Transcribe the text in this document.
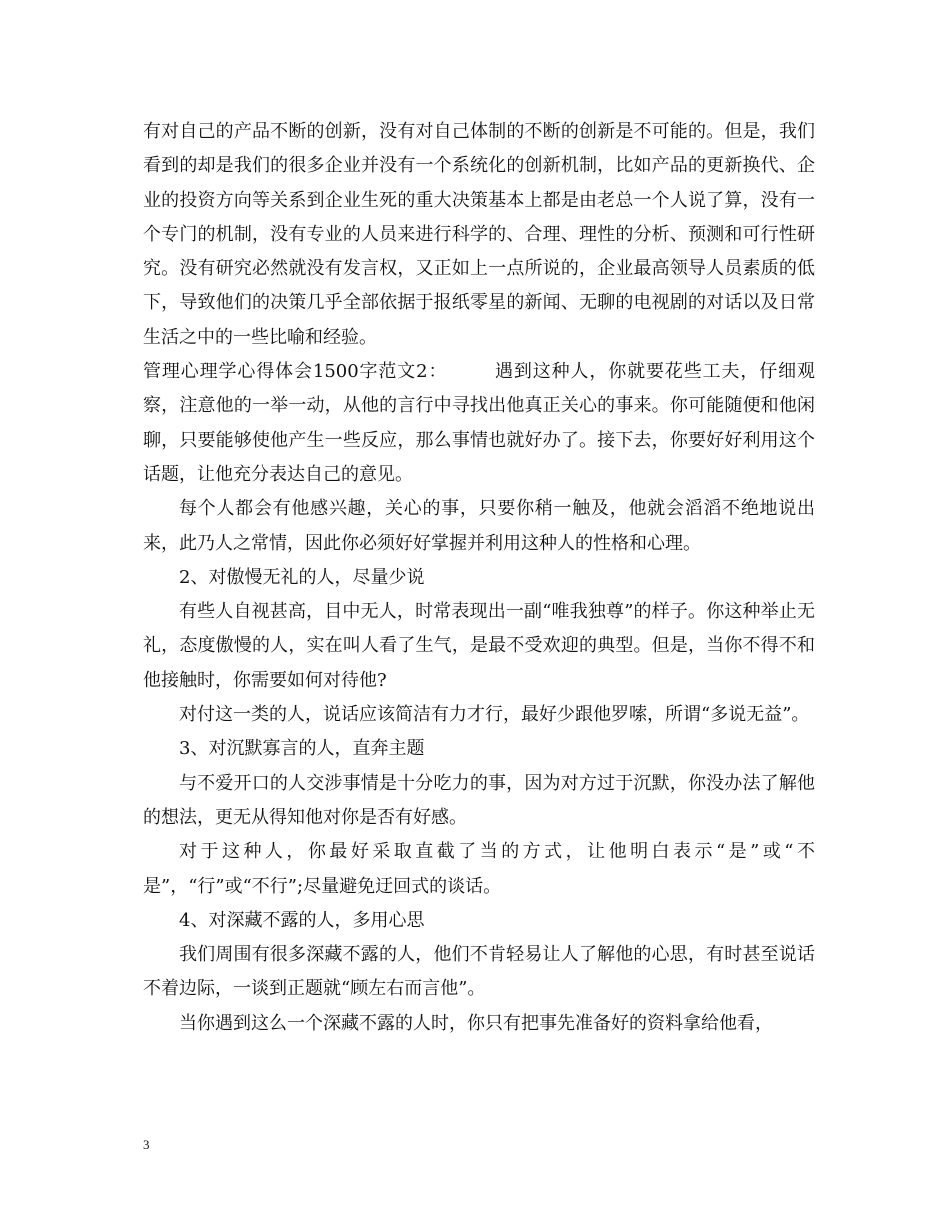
有对自己的产品不断的创新，没有对自己体制的不断的创新是不可能的。但是，我们看到的却是我们的很多企业并没有一个系统化的创新机制，比如产品的更新换代、企业的投资方向等关系到企业生死的重大决策基本上都是由老总一个人说了算，没有一个专门的机制，没有专业的人员来进行科学的、合理、理性的分析、预测和可行性研究。没有研究必然就没有发言权，又正如上一点所说的，企业最高领导人员素质的低下，导致他们的决策几乎全部依据于报纸零星的新闻、无聊的电视剧的对话以及日常生活之中的一些比喻和经验。

管理心理学心得体会1500字范文2：　　　遇到这种人，你就要花些工夫，仔细观察，注意他的一举一动，从他的言行中寻找出他真正关心的事来。你可能随便和他闲聊，只要能够使他产生一些反应，那么事情也就好办了。接下去，你要好好利用这个话题，让他充分表达自己的意见。

每个人都会有他感兴趣，关心的事，只要你稍一触及，他就会滔滔不绝地说出来，此乃人之常情，因此你必须好好掌握并利用这种人的性格和心理。

2、对傲慢无礼的人，尽量少说

有些人自视甚高，目中无人，时常表现出一副“唯我独尊”的样子。你这种举止无礼，态度傲慢的人，实在叫人看了生气，是最不受欢迎的典型。但是，当你不得不和他接触时，你需要如何对待他?

对付这一类的人，说话应该简洁有力才行，最好少跟他罗嗦，所谓“多说无益”。

3、对沉默寡言的人，直奔主题

与不爱开口的人交涉事情是十分吃力的事，因为对方过于沉默，你没办法了解他的想法，更无从得知他对你是否有好感。

对于这种人，你最好采取直截了当的方式，让他明白表示“是”或“不是”，“行”或“不行”;尽量避免迂回式的谈话。

4、对深藏不露的人，多用心思

我们周围有很多深藏不露的人，他们不肯轻易让人了解他的心思，有时甚至说话不着边际，一谈到正题就“顾左右而言他”。

当你遇到这么一个深藏不露的人时，你只有把事先准备好的资料拿给他看，

3
